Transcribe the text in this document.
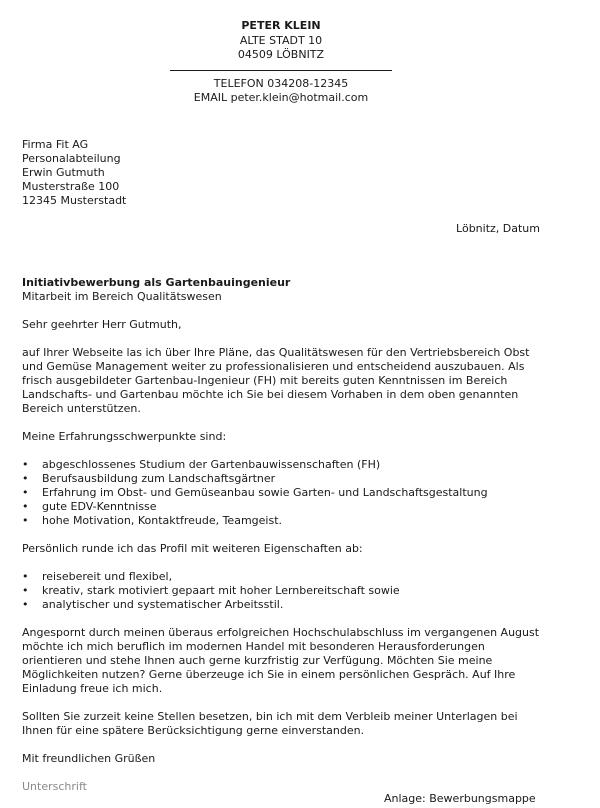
PETER KLEIN
ALTE STADT 10
04509 LÖBNITZ
TELEFON 034208-12345
EMAIL peter.klein@hotmail.com
Firma Fit AG
Personalabteilung
Erwin Gutmuth
Musterstraße 100
12345 Musterstadt
Löbnitz, Datum

Initiativbewerbung als Gartenbauingenieur
Mitarbeit im Bereich Qualitätswesen

Sehr geehrter Herr Gutmuth,

auf Ihrer Webseite las ich über Ihre Pläne, das Qualitätswesen für den Vertriebsbereich Obst und Gemüse Management weiter zu professionalisieren und entscheidend auszubauen. Als frisch ausgebildeter Gartenbau-Ingenieur (FH) mit bereits guten Kenntnissen im Bereich Landschafts- und Gartenbau möchte ich Sie bei diesem Vorhaben in dem oben genannten Bereich unterstützen.

Meine Erfahrungsschwerpunkte sind:

• abgeschlossenes Studium der Gartenbauwissenschaften (FH)
• Berufsausbildung zum Landschaftsgärtner
• Erfahrung im Obst- und Gemüseanbau sowie Garten- und Landschaftsgestaltung
• gute EDV-Kenntnisse
• hohe Motivation, Kontaktfreude, Teamgeist.

Persönlich runde ich das Profil mit weiteren Eigenschaften ab:

• reisebereit und flexibel,
• kreativ, stark motiviert gepaart mit hoher Lernbereitschaft sowie
• analytischer und systematischer Arbeitsstil.

Angespornt durch meinen überaus erfolgreichen Hochschulabschluss im vergangenen August möchte ich mich beruflich im modernen Handel mit besonderen Herausforderungen orientieren und stehe Ihnen auch gerne kurzfristig zur Verfügung. Möchten Sie meine Möglichkeiten nutzen? Gerne überzeuge ich Sie in einem persönlichen Gespräch. Auf Ihre Einladung freue ich mich.

Sollten Sie zurzeit keine Stellen besetzen, bin ich mit dem Verbleib meiner Unterlagen bei Ihnen für eine spätere Berücksichtigung gerne einverstanden.

Mit freundlichen Grüßen

Unterschrift

Anlage: Bewerbungsmappe
